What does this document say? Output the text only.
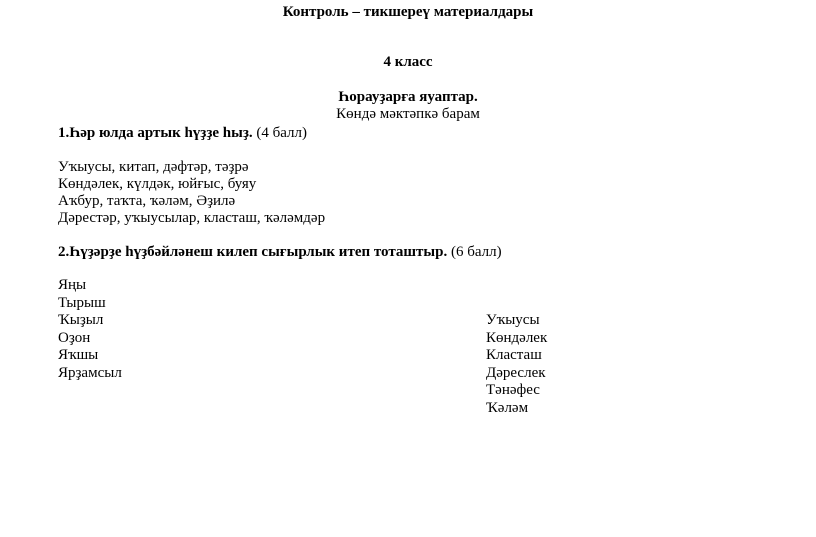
Контроль – тикшереү материалдары
4 класс
Һорауҙарға яуаптар.
Көндә мәктәпкә барам
1.Һәр юлда артык һүҙҙе һыҙ. (4 балл)
Уҡыусы, китап, дәфтәр, тәҙрә
Көндәлек, күлдәк, юйғыс, буяу
Аҡбур, таҡта, ҡәләм, Әҙилә
Дәрестәр, уҡыусылар, класташ, ҡәләмдәр
2.Һүҙәрҙе һүҙбәйләнеш килеп сығырлык итеп тоташтыр. (6 балл)
Яңы
Тырыш
Ҡыҙыл
Оҙон
Яҡшы
Ярҙамсыл
Уҡыусы
Көндәлек
Класташ
Дәреслек
Тәнәфес
Ҡәләм
